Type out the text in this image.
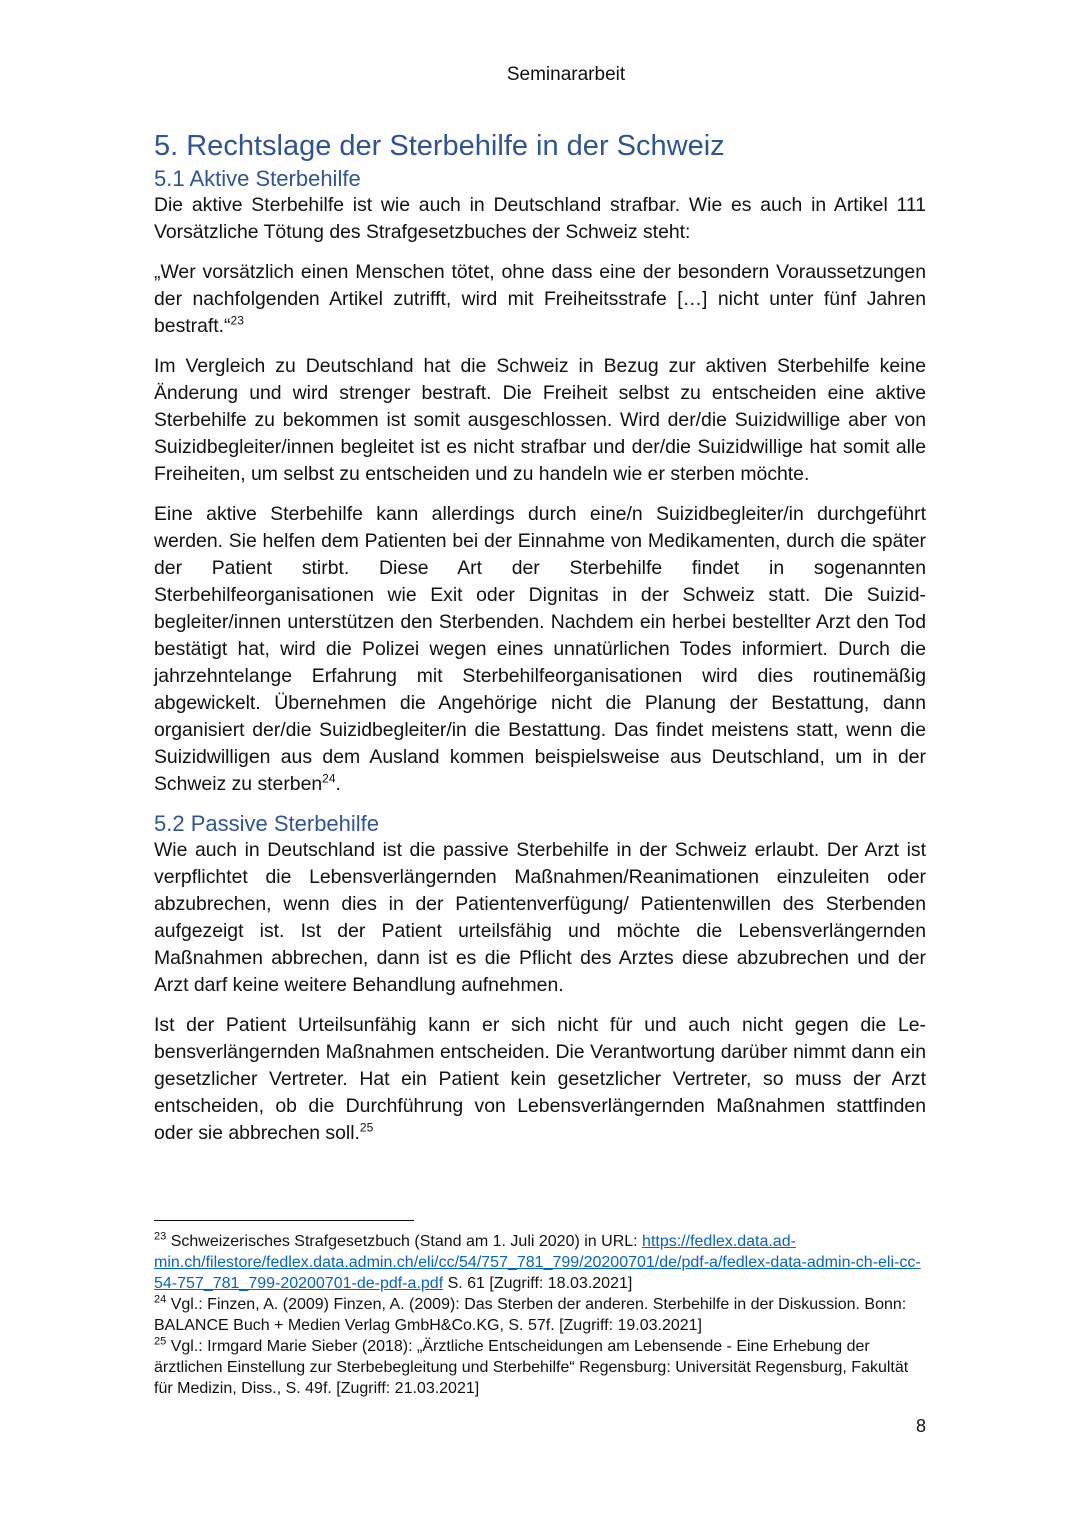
Seminararbeit
5. Rechtslage der Sterbehilfe in der Schweiz
5.1 Aktive Sterbehilfe

Die aktive Sterbehilfe ist wie auch in Deutschland strafbar. Wie es auch in Artikel 111 Vorsätzliche Tötung des Strafgesetzbuches der Schweiz steht:

„Wer vorsätzlich einen Menschen tötet, ohne dass eine der besondern Voraussetzungen der nachfolgenden Artikel zutrifft, wird mit Freiheitsstrafe […] nicht unter fünf Jahren bestraft.“$^{23}$

Im Vergleich zu Deutschland hat die Schweiz in Bezug zur aktiven Sterbehilfe keine Änderung und wird strenger bestraft. Die Freiheit selbst zu entscheiden eine aktive Sterbehilfe zu bekommen ist somit ausgeschlossen. Wird der/die Suizidwillige aber von Suizidbegleiter/innen begleitet ist es nicht strafbar und der/die Suizidwillige hat somit alle Freiheiten, um selbst zu entscheiden und zu handeln wie er sterben möchte.

Eine aktive Sterbehilfe kann allerdings durch eine/n Suizidbegleiter/in durchgeführt werden. Sie helfen dem Patienten bei der Einnahme von Medikamenten, durch die später der Patient stirbt. Diese Art der Sterbehilfe findet in sogenannten Sterbehilfeorganisationen wie Exit oder Dignitas in der Schweiz statt. Die Suizidbegleiter/innen unterstützen den Sterbenden. Nachdem ein herbei bestellter Arzt den Tod bestätigt hat, wird die Polizei wegen eines unnatürlichen Todes informiert. Durch die jahrzehntelange Erfahrung mit Sterbehilfeorganisationen wird dies routinemäßig abgewickelt. Übernehmen die Angehörige nicht die Planung der Bestattung, dann organisiert der/die Suizidbegleiter/in die Bestattung. Das findet meistens statt, wenn die Suizidwilligen aus dem Ausland kommen beispielsweise aus Deutschland, um in der Schweiz zu sterben$^{24}$.

5.2 Passive Sterbehilfe

Wie auch in Deutschland ist die passive Sterbehilfe in der Schweiz erlaubt. Der Arzt ist verpflichtet die Lebensverlängernden Maßnahmen/Reanimationen einzuleiten oder abzubrechen, wenn dies in der Patientenverfügung/ Patientenwillen des Sterbenden aufgezeigt ist. Ist der Patient urteilsfähig und möchte die Lebensverlängernden Maßnahmen abbrechen, dann ist es die Pflicht des Arztes diese abzubrechen und der Arzt darf keine weitere Behandlung aufnehmen.

Ist der Patient Urteilsunfähig kann er sich nicht für und auch nicht gegen die Lebensverlängernden Maßnahmen entscheiden. Die Verantwortung darüber nimmt dann ein gesetzlicher Vertreter. Hat ein Patient kein gesetzlicher Vertreter, so muss der Arzt entscheiden, ob die Durchführung von Lebensverlängernden Maßnahmen stattfinden oder sie abbrechen soll.$^{25}$

$^{23}$ Schweizerisches Strafgesetzbuch (Stand am 1. Juli 2020) in URL: https://fedlex.data.admin.ch/filestore/fedlex.data.admin.ch/eli/cc/54/757_781_799/20200701/de/pdf-a/fedlex-data-admin-ch-eli-cc-54-757_781_799-20200701-de-pdf-a.pdf S. 61 [Zugriff: 18.03.2021]

$^{24}$ Vgl.: Finzen, A. (2009) Finzen, A. (2009): Das Sterben der anderen. Sterbehilfe in der Diskussion. Bonn: BALANCE Buch + Medien Verlag GmbH&Co.KG, S. 57f. [Zugriff: 19.03.2021]

$^{25}$ Vgl.: Irmgard Marie Sieber (2018): „Ärztliche Entscheidungen am Lebensende - Eine Erhebung der ärztlichen Einstellung zur Sterbebegleitung und Sterbehilfe“ Regensburg: Universität Regensburg, Fakultät für Medizin, Diss., S. 49f. [Zugriff: 21.03.2021]

8
